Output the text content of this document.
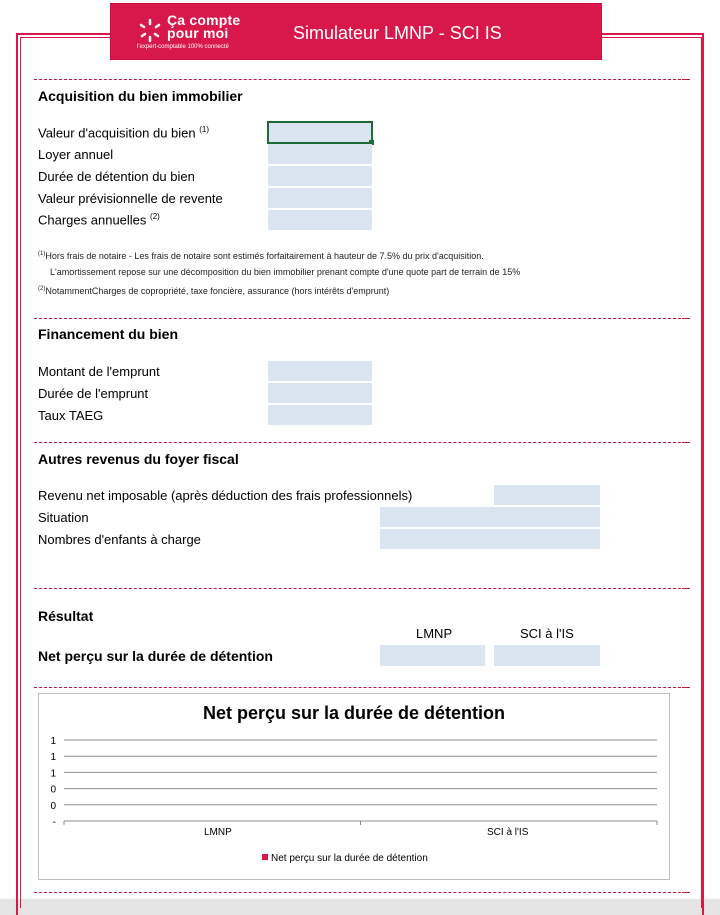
Ça compte
pour moi
l'expert-comptable 100% connecté
Simulateur LMNP - SCI IS
Acquisition du bien immobilier
Valeur d'acquisition du bien $^{(1)}$
Loyer annuel
Durée de détention du bien
Valeur prévisionnelle de revente
Charges annuelles $^{(2)}$
$^{(1)}$Hors frais de notaire - Les frais de notaire sont estimés forfaitairement à hauteur de 7.5% du prix d'acquisition.
L'amortissement repose sur une décomposition du bien immobilier prenant compte d'une quote part de terrain de 15%
$^{(2)}$NotammentCharges de copropriété, taxe foncière, assurance (hors intérêts d'emprunt)
Financement du bien
Montant de l'emprunt
Durée de l'emprunt
Taux TAEG
Autres revenus du foyer fiscal
Revenu net imposable (après déduction des frais professionnels)
Situation
Nombres d'enfants à charge
Résultat
LMNP	SCI à l'IS
Net perçu sur la durée de détention
Net perçu sur la durée de détention
1
1
1
0
0
-
LMNP	SCI à l'IS
Net perçu sur la durée de détention
